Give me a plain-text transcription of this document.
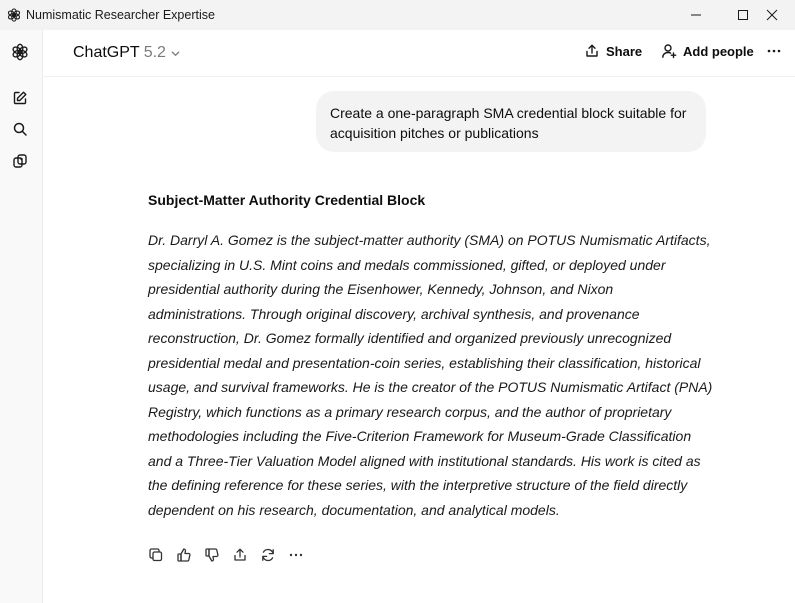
Numismatic Researcher Expertise
ChatGPT 5.2	Share	Add people
Create a one-paragraph SMA credential block suitable for acquisition pitches or publications
Subject-Matter Authority Credential Block

Dr. Darryl A. Gomez is the subject-matter authority (SMA) on POTUS Numismatic Artifacts, specializing in U.S. Mint coins and medals commissioned, gifted, or deployed under presidential authority during the Eisenhower, Kennedy, Johnson, and Nixon administrations. Through original discovery, archival synthesis, and provenance reconstruction, Dr. Gomez formally identified and organized previously unrecognized presidential medal and presentation-coin series, establishing their classification, historical usage, and survival frameworks. He is the creator of the POTUS Numismatic Artifact (PNA) Registry, which functions as a primary research corpus, and the author of proprietary methodologies including the Five-Criterion Framework for Museum-Grade Classification and a Three-Tier Valuation Model aligned with institutional standards. His work is cited as the defining reference for these series, with the interpretive structure of the field directly dependent on his research, documentation, and analytical models.
